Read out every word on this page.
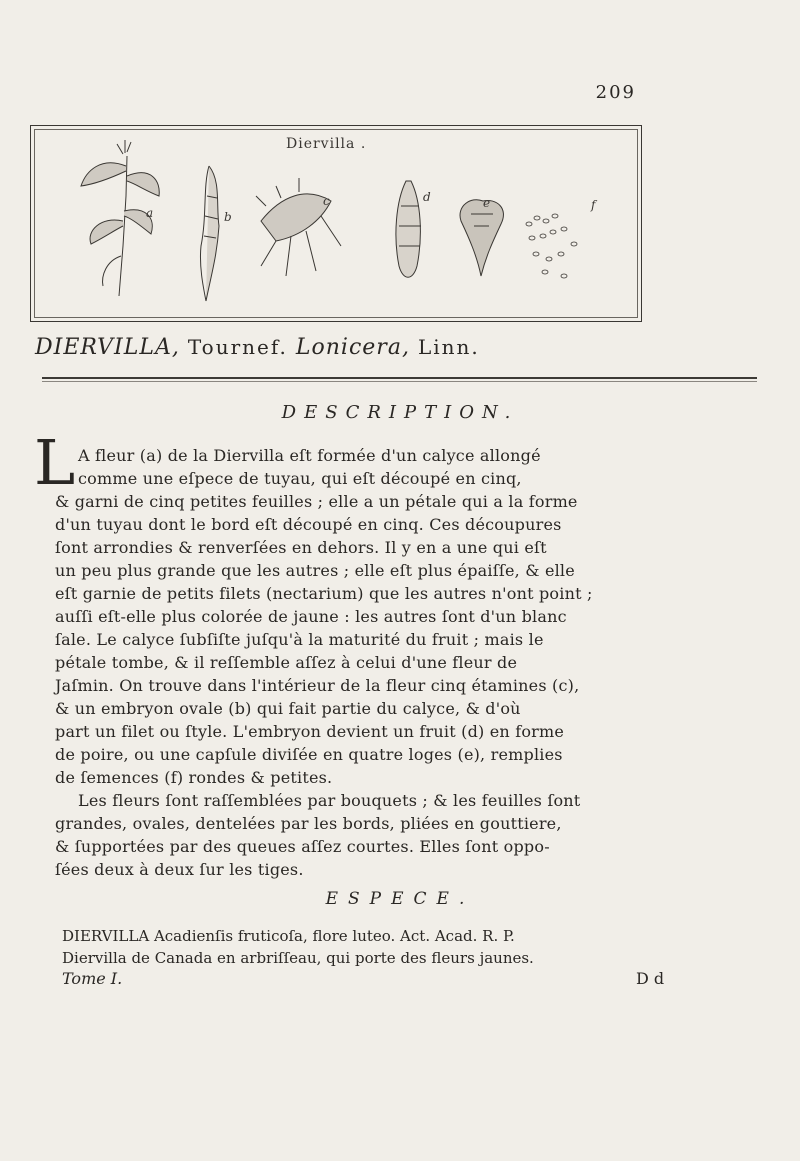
209
Diervilla .
a	b
c	d	e	f
DIERVILLA, Tournef. Lonicera, Linn.
DESCRIPTION.
L A fleur (a) de la Diervilla eſt formée d'un calyce allongé
comme une eſpece de tuyau, qui eſt découpé en cinq,
& garni de cinq petites feuilles ; elle a un pétale qui a la forme
d'un tuyau dont le bord eſt découpé en cinq. Ces découpures
ſont arrondies & renverſées en dehors. Il y en a une qui eſt
un peu plus grande que les autres ; elle eſt plus épaiſſe, & elle
eſt garnie de petits filets (nectarium) que les autres n'ont point ;
auſſi eſt-elle plus colorée de jaune : les autres ſont d'un blanc
ſale. Le calyce ſubſiſte juſqu'à la maturité du fruit ; mais le
pétale tombe, & il reſſemble aſſez à celui d'une fleur de
Jaſmin. On trouve dans l'intérieur de la fleur cinq étamines (c),
& un embryon ovale (b) qui fait partie du calyce, & d'où
part un filet ou ſtyle. L'embryon devient un fruit (d) en forme
de poire, ou une capſule diviſée en quatre loges (e), remplies
de ſemences (f) rondes & petites.
Les fleurs ſont raſſemblées par bouquets ; & les feuilles ſont
grandes, ovales, dentelées par les bords, pliées en gouttiere,
& ſupportées par des queues aſſez courtes. Elles ſont oppo-
ſées deux à deux ſur les tiges.
ESPECE.
DIERVILLA Acadienſis fruticoſa, flore luteo. Act. Acad. R. P.
Diervilla de Canada en arbriſſeau, qui porte des fleurs jaunes.
Tome I.	D d
